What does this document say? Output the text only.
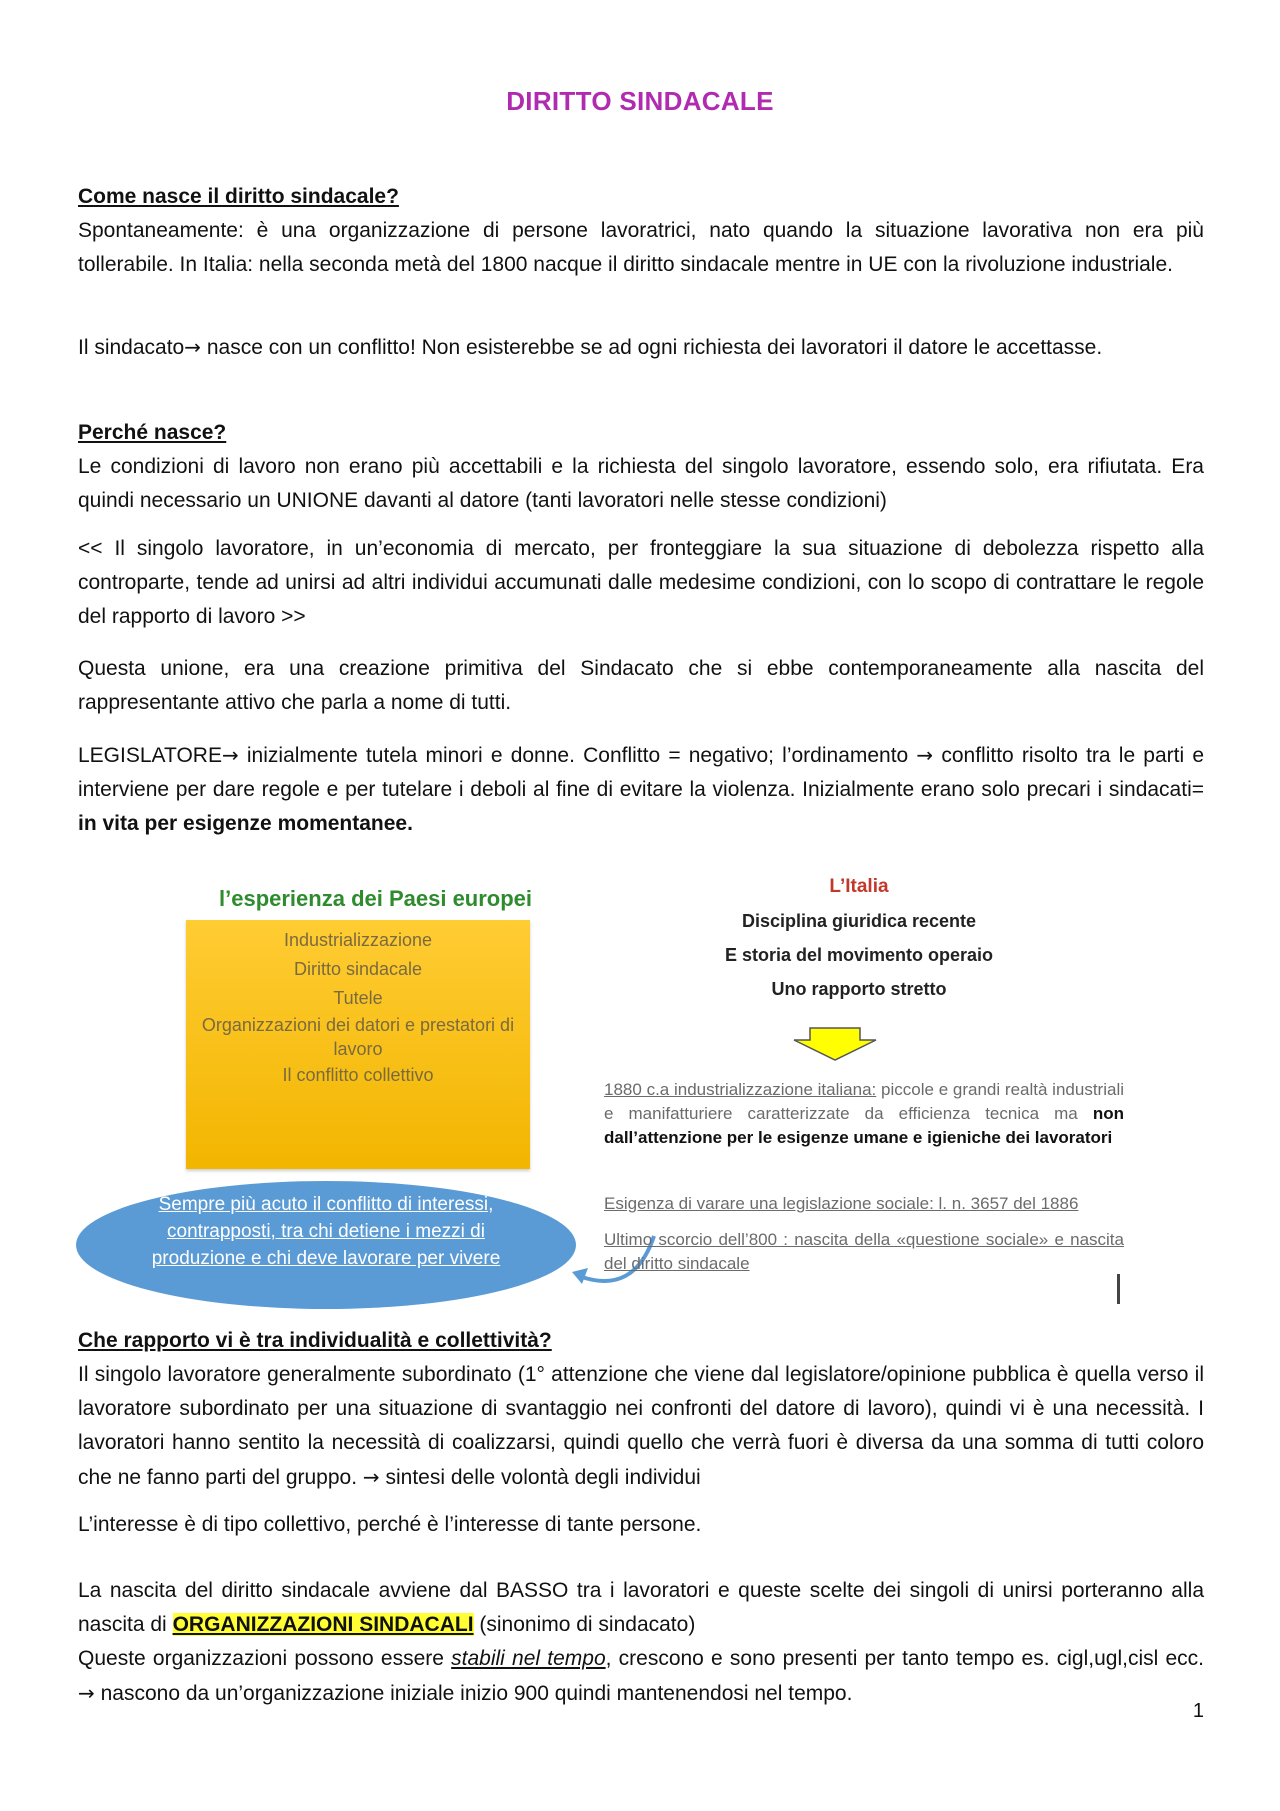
DIRITTO SINDACALE
Come nasce il diritto sindacale?
Spontaneamente: è una organizzazione di persone lavoratrici, nato quando la situazione lavorativa non era più tollerabile. In Italia: nella seconda metà del 1800 nacque il diritto sindacale mentre in UE con la rivoluzione industriale.
Il sindacato→ nasce con un conflitto! Non esisterebbe se ad ogni richiesta dei lavoratori il datore le accettasse.
Perché nasce?
Le condizioni di lavoro non erano più accettabili e la richiesta del singolo lavoratore, essendo solo, era rifiutata. Era quindi necessario un UNIONE davanti al datore (tanti lavoratori nelle stesse condizioni)
<< Il singolo lavoratore, in un’economia di mercato, per fronteggiare la sua situazione di debolezza rispetto alla controparte, tende ad unirsi ad altri individui accumunati dalle medesime condizioni, con lo scopo di contrattare le regole del rapporto di lavoro >>
Questa unione, era una creazione primitiva del Sindacato che si ebbe contemporaneamente alla nascita del rappresentante attivo che parla a nome di tutti.
LEGISLATORE→ inizialmente tutela minori e donne. Conflitto = negativo; l’ordinamento → conflitto risolto tra le parti e interviene per dare regole e per tutelare i deboli al fine di evitare la violenza. Inizialmente erano solo precari i sindacati= in vita per esigenze momentanee.
l’esperienza dei Paesi europei
Industrializzazione
Diritto sindacale
Tutele
Organizzazioni dei datori e prestatori di lavoro
Il conflitto collettivo
Sempre più acuto il conflitto di interessi, contrapposti, tra chi detiene i mezzi di produzione e chi deve lavorare per vivere
L’Italia
Disciplina giuridica recente
E storia del movimento operaio
Uno rapporto stretto
1880 c.a industrializzazione italiana: piccole e grandi realtà industriali e manifatturiere caratterizzate da efficienza tecnica ma non dall’attenzione per le esigenze umane e igieniche dei lavoratori
Esigenza di varare una legislazione sociale: l. n. 3657 del 1886
Ultimo scorcio dell’800 : nascita della «questione sociale» e nascita del diritto sindacale
Che rapporto vi è tra individualità e collettività?
Il singolo lavoratore generalmente subordinato (1° attenzione che viene dal legislatore/opinione pubblica è quella verso il lavoratore subordinato per una situazione di svantaggio nei confronti del datore di lavoro), quindi vi è una necessità. I lavoratori hanno sentito la necessità di coalizzarsi, quindi quello che verrà fuori è diversa da una somma di tutti coloro che ne fanno parti del gruppo. → sintesi delle volontà degli individui
L’interesse è di tipo collettivo, perché è l’interesse di tante persone.
La nascita del diritto sindacale avviene dal BASSO tra i lavoratori e queste scelte dei singoli di unirsi porteranno alla nascita di ORGANIZZAZIONI SINDACALI (sinonimo di sindacato)
Queste organizzazioni possono essere stabili nel tempo, crescono e sono presenti per tanto tempo es. cigl,ugl,cisl ecc. → nascono da un’organizzazione iniziale inizio 900 quindi mantenendosi nel tempo.
1
